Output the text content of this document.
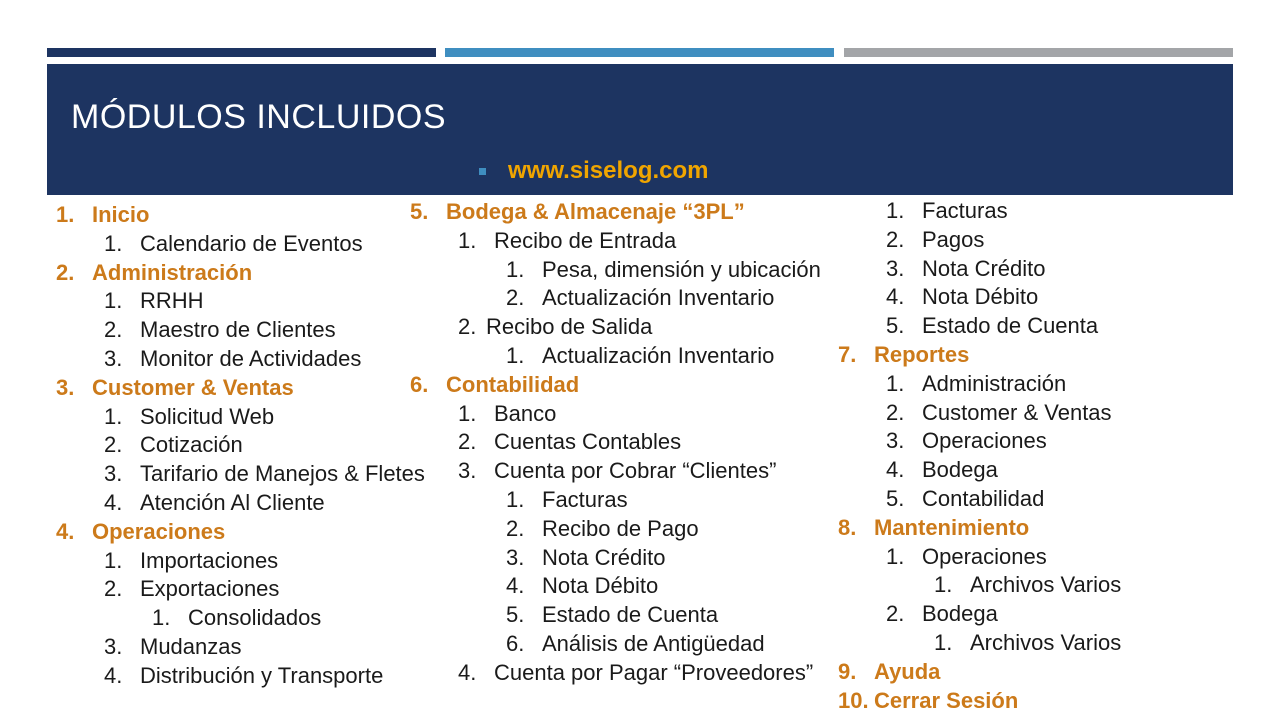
MÓDULOS INCLUIDOS
www.siselog.com
1. Inicio
1. Calendario de Eventos
2. Administración
1. RRHH
2. Maestro de Clientes
3. Monitor de Actividades
3. Customer & Ventas
1. Solicitud Web
2. Cotización
3. Tarifario de Manejos & Fletes
4. Atención Al Cliente
4. Operaciones
1. Importaciones
2. Exportaciones
1. Consolidados
3. Mudanzas
4. Distribución y Transporte
5. Bodega & Almacenaje “3PL”
1. Recibo de Entrada
1. Pesa, dimensión y ubicación
2. Actualización Inventario
2. Recibo de Salida
1. Actualización Inventario
6. Contabilidad
1. Banco
2. Cuentas Contables
3. Cuenta por Cobrar “Clientes”
1. Facturas
2. Recibo de Pago
3. Nota Crédito
4. Nota Débito
5. Estado de Cuenta
6. Análisis de Antigüedad
4. Cuenta por Pagar “Proveedores”
1. Facturas
2. Pagos
3. Nota Crédito
4. Nota Débito
5. Estado de Cuenta
7. Reportes
1. Administración
2. Customer & Ventas
3. Operaciones
4. Bodega
5. Contabilidad
8. Mantenimiento
1. Operaciones
1. Archivos Varios
2. Bodega
1. Archivos Varios
9. Ayuda
10. Cerrar Sesión
